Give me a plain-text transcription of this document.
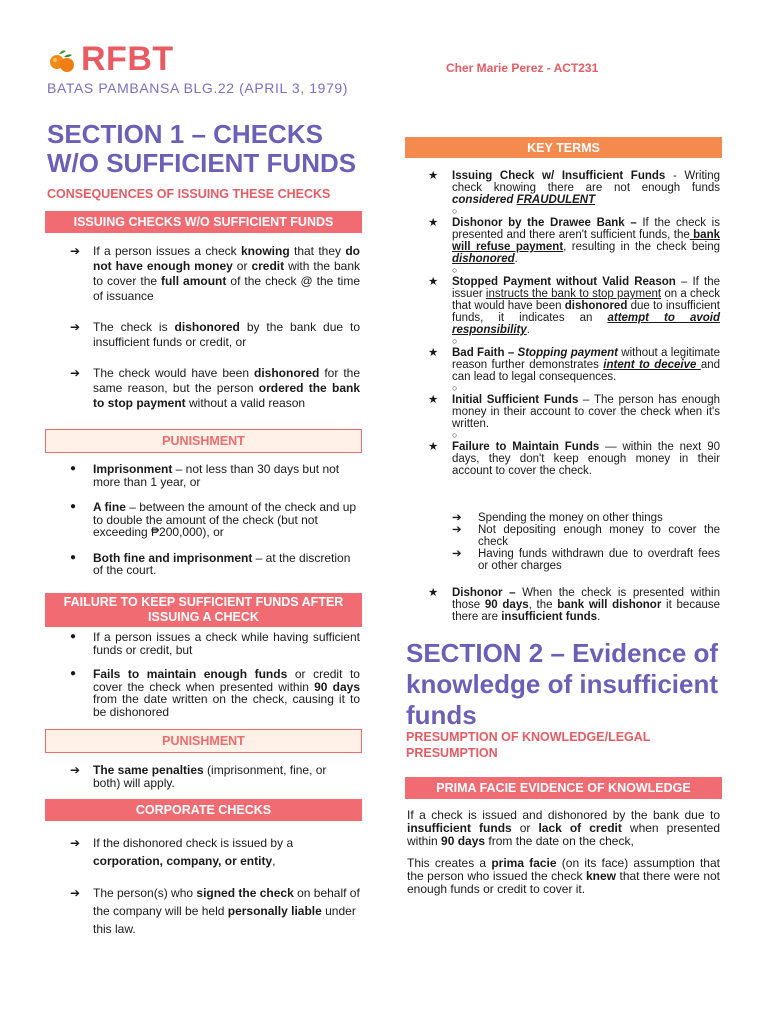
RFBT	Cher Marie Perez - ACT231
BATAS PAMBANSA BLG.22 (APRIL 3, 1979)
SECTION 1 – CHECKS W/O SUFFICIENT FUNDS
CONSEQUENCES OF ISSUING THESE CHECKS
ISSUING CHECKS W/O SUFFICIENT FUNDS
➔	If a person issues a check knowing that they do not have enough money or credit with the bank to cover the full amount of the check @ the time of issuance
➔	The check is dishonored by the bank due to insufficient funds or credit, or
➔	The check would have been dishonored for the same reason, but the person ordered the bank to stop payment without a valid reason
PUNISHMENT
●	Imprisonment – not less than 30 days but not more than 1 year, or
●	A fine – between the amount of the check and up to double the amount of the check (but not exceeding ₱200,000), or
●	Both fine and imprisonment – at the discretion of the court.
FAILURE TO KEEP SUFFICIENT FUNDS AFTER ISSUING A CHECK
●	If a person issues a check while having sufficient funds or credit, but
●	Fails to maintain enough funds or credit to cover the check when presented within 90 days from the date written on the check, causing it to be dishonored
PUNISHMENT
➔	The same penalties (imprisonment, fine, or both) will apply.
CORPORATE CHECKS
➔	If the dishonored check is issued by a corporation, company, or entity,
➔	The person(s) who signed the check on behalf of the company will be held personally liable under this law.
KEY TERMS
★ Issuing Check w/ Insufficient Funds - Writing check knowing there are not enough funds considered FRAUDULENT
○
★ Dishonor by the Drawee Bank – If the check is presented and there aren't sufficient funds, the bank will refuse payment, resulting in the check being dishonored.
○
★ Stopped Payment without Valid Reason – If the issuer instructs the bank to stop payment on a check that would have been dishonored due to insufficient funds, it indicates an attempt to avoid responsibility.
○
★ Bad Faith – Stopping payment without a legitimate reason further demonstrates intent to deceive and can lead to legal consequences.
○
★ Initial Sufficient Funds – The person has enough money in their account to cover the check when it's written.
○
★ Failure to Maintain Funds — within the next 90 days, they don't keep enough money in their account to cover the check.
➔ Spending the money on other things
➔ Not depositing enough money to cover the check
➔ Having funds withdrawn due to overdraft fees or other charges
★ Dishonor – When the check is presented within those 90 days, the bank will dishonor it because there are insufficient funds.
SECTION 2 – Evidence of knowledge of insufficient funds
PRESUMPTION OF KNOWLEDGE/LEGAL PRESUMPTION
PRIMA FACIE EVIDENCE OF KNOWLEDGE
If a check is issued and dishonored by the bank due to insufficient funds or lack of credit when presented within 90 days from the date on the check,
This creates a prima facie (on its face) assumption that the person who issued the check knew that there were not enough funds or credit to cover it.
